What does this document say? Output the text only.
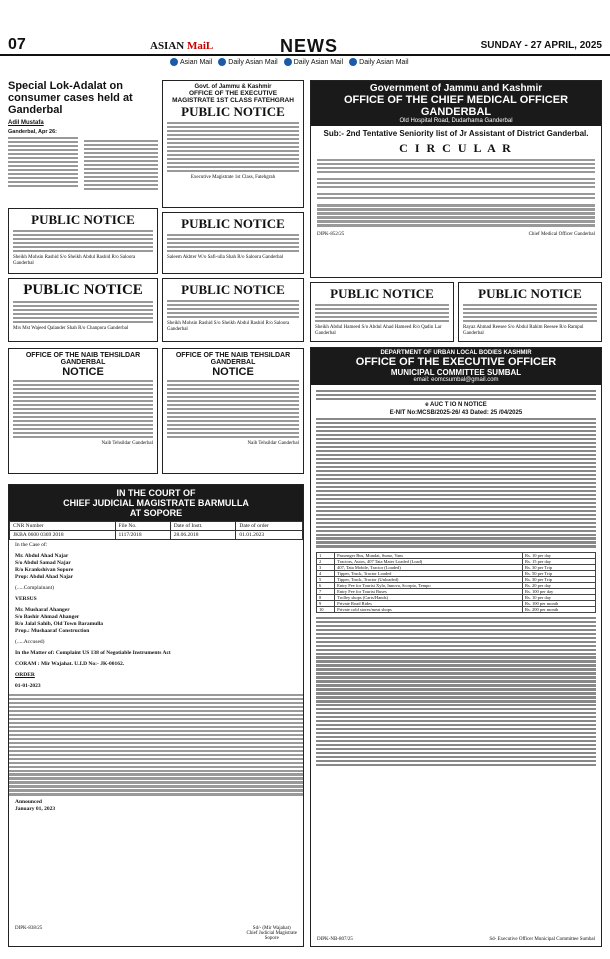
07	ASIAN MaiL	NEWS	SUNDAY - 27 APRIL, 2025
Asian Mail	Daily Asian Mail	Daily Asian Mail	Daily Asian Mail
Special Lok-Adalat on consumer cases held at Ganderbal
Adil Mustafa
Ganderbal, Apr 26:
Govt. of Jammu & Kashmir
OFFICE OF THE EXECUTIVE MAGISTRATE 1ST CLASS FATEHGRAH
PUBLIC NOTICE
Executive Magistrate 1st Class, Fatehgrah
PUBLIC NOTICE
Sheikh Mohsin Rashid S/o Sheikh Abdul Rashid R/o Saloora Ganderbal
PUBLIC NOTICE
Saleem Akhter W/o Safi-ulla Shah R/o Saloora Ganderbal
PUBLIC NOTICE
Mrs Mst Wajeed Qalander Shah R/o Chanpora Ganderbal
PUBLIC NOTICE
Sheikh Mohsin Rashid S/o Sheikh Abdul Rashid R/o Saloora Ganderbal
OFFICE OF THE NAIB TEHSILDAR GANDERBAL
NOTICE
Naib Tehsildar Ganderbal
OFFICE OF THE NAIB TEHSILDAR GANDERBAL
NOTICE
Naib Tehsildar Ganderbal
Government of Jammu and Kashmir
OFFICE OF THE CHIEF MEDICAL OFFICER GANDERBAL
Old Hospital Road, Dudarhama Ganderbal
Sub:- 2nd Tentative Seniority list of Jr Assistant of District Ganderbal.
C I R C U L A R
DIPK-852/25	Chief Medical Officer Ganderbal
PUBLIC NOTICE
Sheikh Abdul Hameed S/o Abdul Ahad Hameed R/o Qadin Lar Ganderbal
PUBLIC NOTICE
Rayaz Ahmad Reesee S/o Abdul Rahim Reesee R/o Rampul Ganderbal
DEPARTMENT OF URBAN LOCAL BODIES KASHMIR
OFFICE OF THE EXECUTIVE OFFICER
MUNICIPAL COMMITTEE SUMBAL
email: eomcsumbal@gmail.com
e AUC T IO N NOTICE
E-NIT No:MCSB/2025-26/ 43 Dated: 25 /04/2025
1	Passenger Bus, Mundai, Sumo, Vans	Rs. 10 per day
2	Tractors, Autos, 407 Tata Mater Loaded (Load)	Rs. 15 per day
3	407, Tata Mobile, Tractor (Loaded)	Rs. 30 per Trip
4	Tipper, Truck, Tractor Loaded	Rs. 50 per Trip
5	Tipper, Truck, Tractor (Unloaded)	Rs. 30 per Trip
6	Entry Fee for Tourist Xylo, Innova, Scorpio, Tempo	Rs. 20 per day
7	Entry Fee for Tourist Buses	Rs. 100 per day
8	Trolley shops (Carts/Hands)	Rs. 10 per day
9	Private Road Rides	Rs. 100 per month
10	Private cold stores/meat shops	Rs. 200 per month
DIPK-NB-807/25	Sd- Executive Officer Municipal Committee Sumbal
IN THE COURT OF
CHIEF JUDICIAL MAGISTRATE BARMULLA
AT SOPORE
CNR Number	File No.	Date of Instt.	Date of order
JKBA 0600 0369 2018	1117/2018	28.06.2018	01.01.2023
In the Case of:
Mr. Abdul Ahad Najar
S/o Abdul Samad Najar
R/o Krankshivan Sopore
Prop: Abdul Ahad Najar
(.....Complainant)
VERSUS
Mr. Musharaf Ahanger
S/o Bashir Ahmad Ahanger
R/o Jalal Sahib, Old Town Baramulla
Prop.: Mushaaraf Construction
(.....Accused)
In the Matter of: Complaint US 138 of Negotiable Instruments Act
CORAM : Mir Wajahat. U.I.D No:- JK-00162.
ORDER
01-01-2023
Announced
January 01, 2023
DIPK-838/25	Sd/- (Mir Wajahat)
Chief Judicial Magistrate
Sopore
